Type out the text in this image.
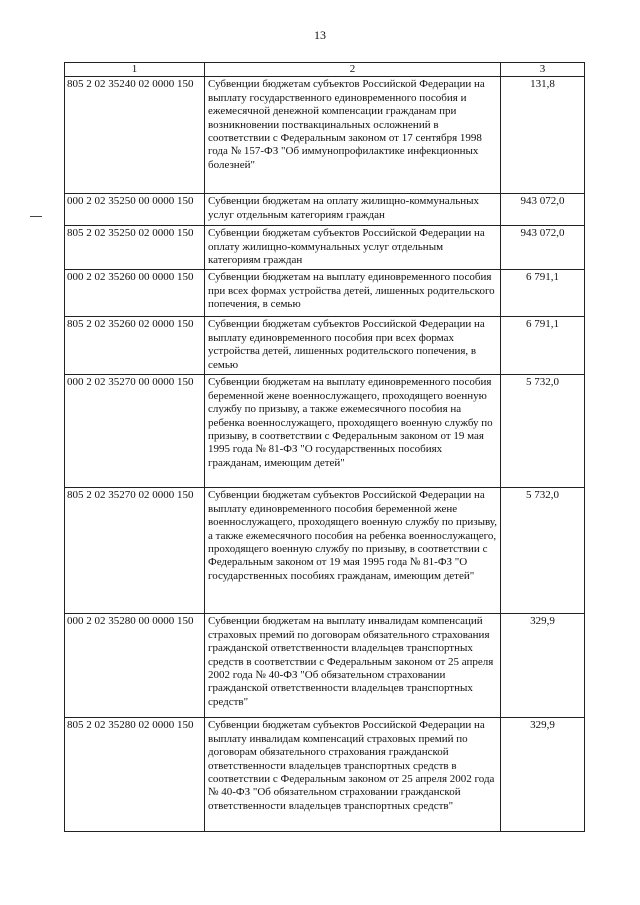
13
1	2	3
805 2 02 35240 02 0000 150	Субвенции бюджетам субъектов Российской Федерации на выплату государственного единовременного пособия и ежемесячной денежной компенсации гражданам при возникновении поствакцинальных осложнений в соответствии с Федеральным законом от 17 сентября 1998 года № 157-ФЗ "Об иммунопрофилактике инфекционных болезней"	131,8
000 2 02 35250 00 0000 150	Субвенции бюджетам на оплату жилищно-коммунальных услуг отдельным категориям граждан	943 072,0
805 2 02 35250 02 0000 150	Субвенции бюджетам субъектов Российской Федерации на оплату жилищно-коммунальных услуг отдельным категориям граждан	943 072,0
000 2 02 35260 00 0000 150	Субвенции бюджетам на выплату единовременного пособия при всех формах устройства детей, лишенных родительского попечения, в семью	6 791,1
805 2 02 35260 02 0000 150	Субвенции бюджетам субъектов Российской Федерации на выплату единовременного пособия при всех формах устройства детей, лишенных родительского попечения, в семью	6 791,1
000 2 02 35270 00 0000 150	Субвенции бюджетам на выплату единовременного пособия беременной жене военнослужащего, проходящего военную службу по призыву, а также ежемесячного пособия на ребенка военнослужащего, проходящего военную службу по призыву, в соответствии с Федеральным законом от 19 мая 1995 года № 81-ФЗ "О государственных пособиях гражданам, имеющим детей"	5 732,0
805 2 02 35270 02 0000 150	Субвенции бюджетам субъектов Российской Федерации на выплату единовременного пособия беременной жене военнослужащего, проходящего военную службу по призыву, а также ежемесячного пособия на ребенка военнослужащего, проходящего военную службу по призыву, в соответствии с Федеральным законом от 19 мая 1995 года № 81-ФЗ "О государственных пособиях гражданам, имеющим детей"	5 732,0
000 2 02 35280 00 0000 150	Субвенции бюджетам на выплату инвалидам компенсаций страховых премий по договорам обязательного страхования гражданской ответственности владельцев транспортных средств в соответствии с Федеральным законом от 25 апреля 2002 года № 40-ФЗ "Об обязательном страховании гражданской ответственности владельцев транспортных средств"	329,9
805 2 02 35280 02 0000 150	Субвенции бюджетам субъектов Российской Федерации на выплату инвалидам компенсаций страховых премий по договорам обязательного страхования гражданской ответственности владельцев транспортных средств в соответствии с Федеральным законом от 25 апреля 2002 года № 40-ФЗ "Об обязательном страховании гражданской ответственности владельцев транспортных средств"	329,9
